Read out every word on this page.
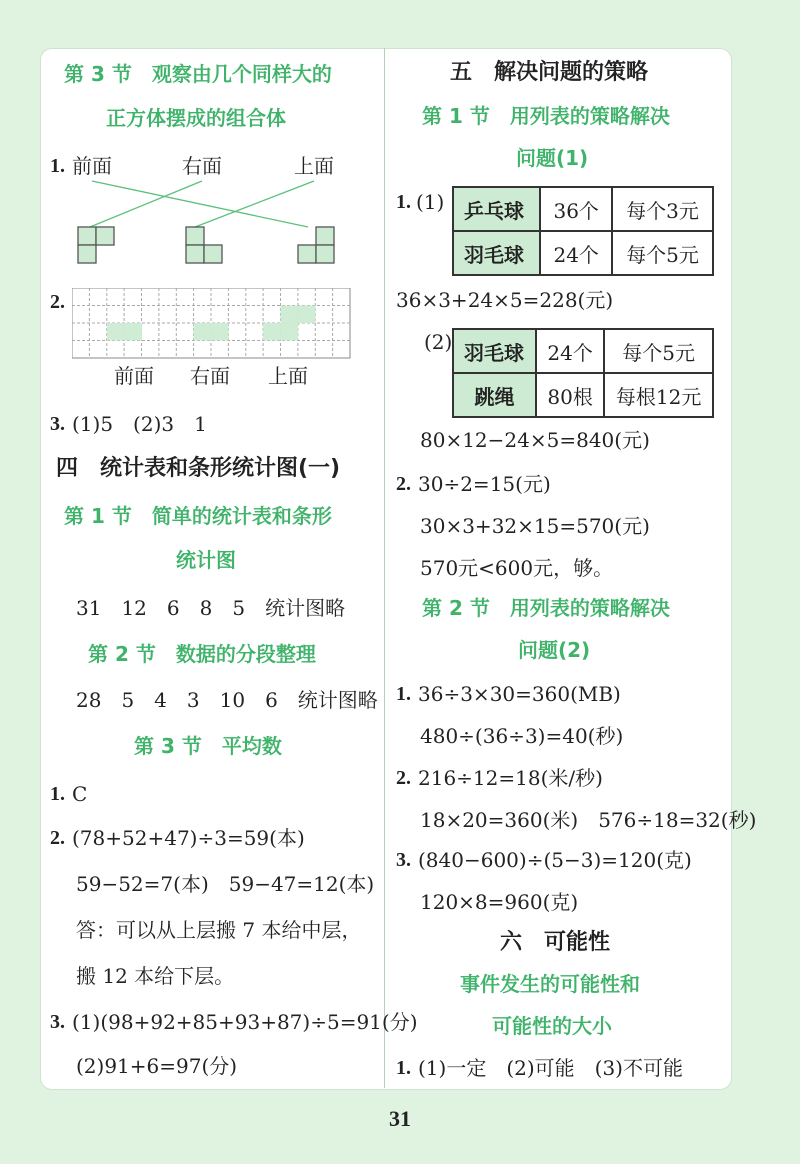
第 3 节　观察由几个同样大的
正方体摆成的组合体
1. 前面	右面	上面
2.
前面 右面 上面
3. (1)5　(2)3　1
四　统计表和条形统计图(一)
第 1 节　简单的统计表和条形
统计图
31　12　6　8　5　统计图略
第 2 节　数据的分段整理
28　5　4　3　10　6　统计图略
第 3 节　平均数
1. C
2. (78+52+47)÷3=59(本)
59−52=7(本)　59−47=12(本)
答：可以从上层搬 7 本给中层，
搬 12 本给下层。
3. (1)(98+92+85+93+87)÷5=91(分)
(2)91+6=97(分)
五　解决问题的策略
第 1 节　用列表的策略解决
问题(1)
1. (1) 乒乓球	36个	每个3元
羽毛球	24个	每个5元
36×3+24×5=228(元)
(2) 羽毛球	24个	每个5元
跳绳	80根	每根12元
80×12−24×5=840(元)
2. 30÷2=15(元)
30×3+32×15=570(元)
570元<600元，够。
第 2 节　用列表的策略解决
问题(2)
1. 36÷3×30=360(MB)
480÷(36÷3)=40(秒)
2. 216÷12=18(米/秒)
18×20=360(米)　576÷18=32(秒)
3. (840−600)÷(5−3)=120(克)
120×8=960(克)
六　可能性
事件发生的可能性和
可能性的大小
1. (1)一定　(2)可能　(3)不可能
31
